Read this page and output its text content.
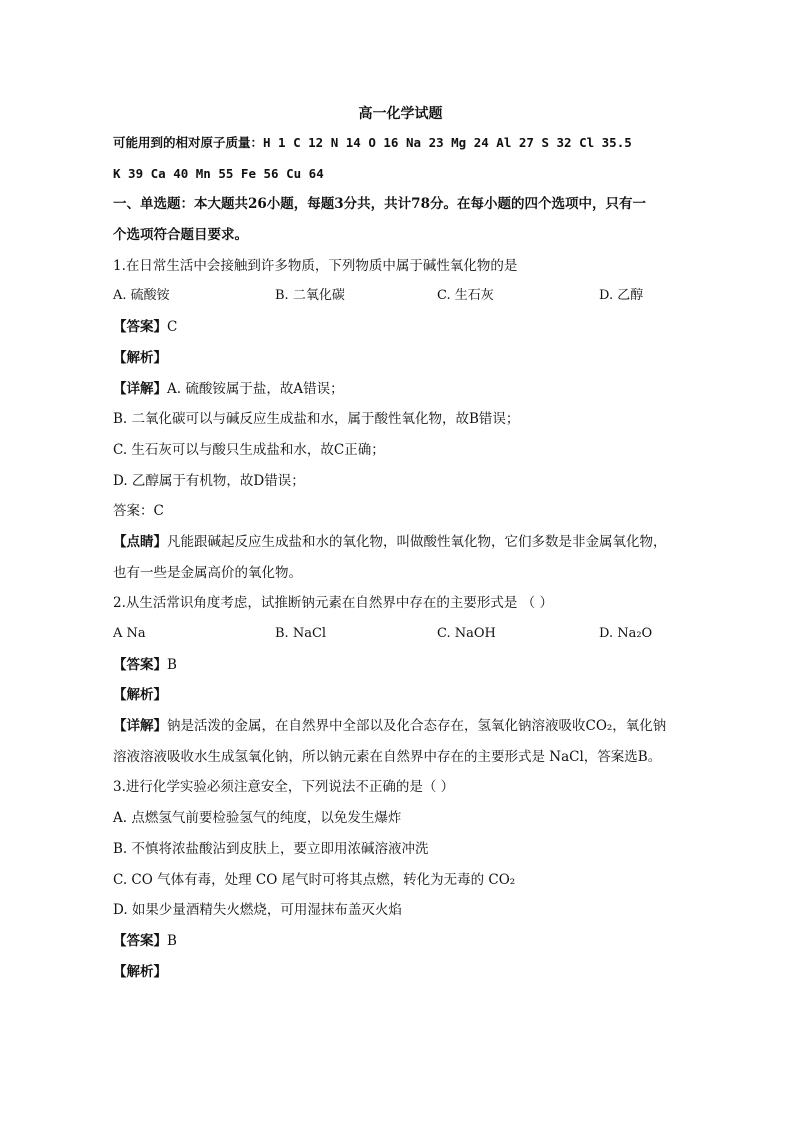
高一化学试题
可能用到的相对原子质量：H 1 C 12 N 14 O 16 Na 23 Mg 24 Al 27 S 32 Cl 35.5
K 39 Ca 40 Mn 55 Fe 56 Cu 64
一、单选题：本大题共26小题，每题3分共，共计78分。在每小题的四个选项中，只有一
个选项符合题目要求。
1.在日常生活中会接触到许多物质，下列物质中属于碱性氧化物的是
A. 硫酸铵	B. 二氧化碳	C. 生石灰	D. 乙醇
【答案】C
【解析】
【详解】A. 硫酸铵属于盐，故A错误；
B. 二氧化碳可以与碱反应生成盐和水，属于酸性氧化物，故B错误；
C. 生石灰可以与酸只生成盐和水，故C正确；
D. 乙醇属于有机物，故D错误；
答案：C
【点睛】凡能跟碱起反应生成盐和水的氧化物，叫做酸性氧化物，它们多数是非金属氧化物，
也有一些是金属高价的氧化物。
2.从生活常识角度考虑，试推断钠元素在自然界中存在的主要形式是 （ ）
A Na	B. NaCl	C. NaOH	D. Na₂O
【答案】B
【解析】
【详解】钠是活泼的金属，在自然界中全部以及化合态存在，氢氧化钠溶液吸收CO₂，氧化钠
溶液溶液吸收水生成氢氧化钠，所以钠元素在自然界中存在的主要形式是 NaCl，答案选B。
3.进行化学实验必须注意安全，下列说法不正确的是（ ）
A. 点燃氢气前要检验氢气的纯度，以免发生爆炸
B. 不慎将浓盐酸沾到皮肤上，要立即用浓碱溶液冲洗
C. CO 气体有毒，处理 CO 尾气时可将其点燃，转化为无毒的 CO₂
D. 如果少量酒精失火燃烧，可用湿抹布盖灭火焰
【答案】B
【解析】
